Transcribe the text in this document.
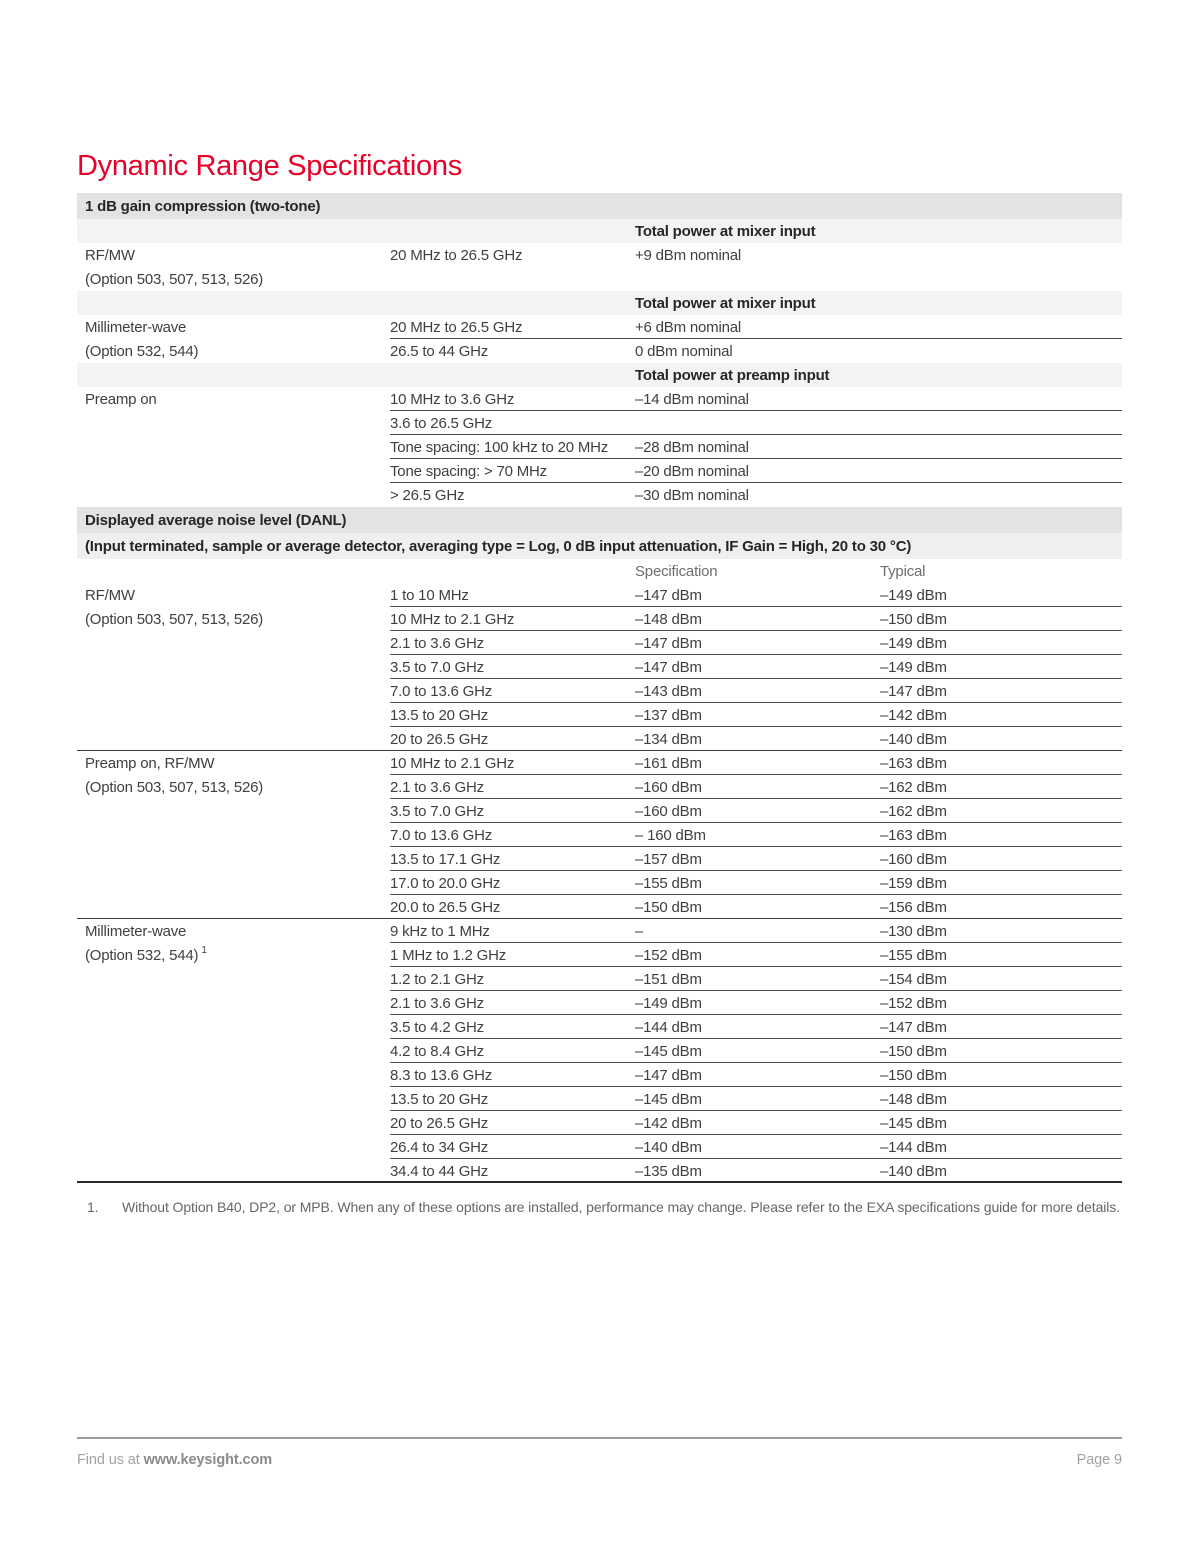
Dynamic Range Specifications
1 dB gain compression (two-tone)
Total power at mixer input
RF/MW	20 MHz to 26.5 GHz	+9 dBm nominal
(Option 503, 507, 513, 526)
Total power at mixer input
Millimeter-wave	20 MHz to 26.5 GHz	+6 dBm nominal
(Option 532, 544)	26.5 to 44 GHz	0 dBm nominal
Total power at preamp input
Preamp on	10 MHz to 3.6 GHz	–14 dBm nominal
3.6 to 26.5 GHz
Tone spacing: 100 kHz to 20 MHz –28 dBm nominal
Tone spacing: > 70 MHz	–20 dBm nominal
> 26.5 GHz	–30 dBm nominal
Displayed average noise level (DANL)
(Input terminated, sample or average detector, averaging type = Log, 0 dB input attenuation, IF Gain = High, 20 to 30 °C)
Specification	Typical
RF/MW	1 to 10 MHz	–147 dBm	–149 dBm
(Option 503, 507, 513, 526)	10 MHz to 2.1 GHz	–148 dBm	–150 dBm
2.1 to 3.6 GHz	–147 dBm	–149 dBm
3.5 to 7.0 GHz	–147 dBm	–149 dBm
7.0 to 13.6 GHz	–143 dBm	–147 dBm
13.5 to 20 GHz	–137 dBm	–142 dBm
20 to 26.5 GHz	–134 dBm	–140 dBm
Preamp on, RF/MW	10 MHz to 2.1 GHz	–161 dBm	–163 dBm
(Option 503, 507, 513, 526)	2.1 to 3.6 GHz	–160 dBm	–162 dBm
3.5 to 7.0 GHz	–160 dBm	–162 dBm
7.0 to 13.6 GHz	– 160 dBm	–163 dBm
13.5 to 17.1 GHz	–157 dBm	–160 dBm
17.0 to 20.0 GHz	–155 dBm	–159 dBm
20.0 to 26.5 GHz	–150 dBm	–156 dBm
Millimeter-wave	9 kHz to 1 MHz	–	–130 dBm
(Option 532, 544) $^1$	1 MHz to 1.2 GHz	–152 dBm	–155 dBm
1.2 to 2.1 GHz	–151 dBm	–154 dBm
2.1 to 3.6 GHz	–149 dBm	–152 dBm
3.5 to 4.2 GHz	–144 dBm	–147 dBm
4.2 to 8.4 GHz	–145 dBm	–150 dBm
8.3 to 13.6 GHz	–147 dBm	–150 dBm
13.5 to 20 GHz	–145 dBm	–148 dBm
20 to 26.5 GHz	–142 dBm	–145 dBm
26.4 to 34 GHz	–140 dBm	–144 dBm
34.4 to 44 GHz	–135 dBm	–140 dBm
1.	Without Option B40, DP2, or MPB. When any of these options are installed, performance may change. Please refer to the EXA specifications guide for more details.
Find us at www.keysight.com	Page 9
